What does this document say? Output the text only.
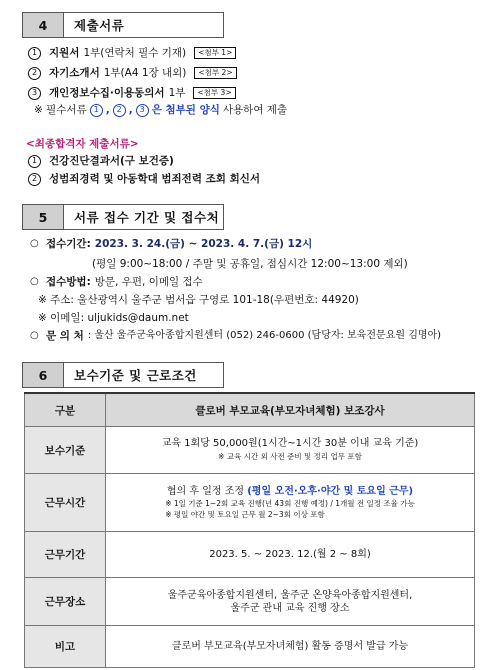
4	제출서류
1	지원서 1부(연락처 필수 기재)	<첨부 1>
2	자기소개서 1부(A4 1장 내외)	<첨부 2>
3	개인정보수집·이용동의서 1부	<첨부 3>
※ 필수서류 1 , 2 , 3 은 첨부된 양식 사용하여 제출
<최종합격자 제출서류>
1	건강진단결과서(구 보건증)
2	성범죄경력 및 아동학대 범죄전력 조회 회신서
5	서류 접수 기간 및 접수처
○ 접수기간: 2023. 3. 24.(금) ~ 2023. 4. 7.(금) 12시
(평일 9:00~18:00 / 주말 및 공휴일, 점심시간 12:00~13:00 제외)
○ 접수방법: 방문, 우편, 이메일 접수
※ 주소: 울산광역시 울주군 범서읍 구영로 101-18(우편번호: 44920)
※ 이메일: uljukids@daum.net
○ 문 의 처 : 울산 울주군육아종합지원센터 (052) 246-0600 (담당자: 보육전문요원 김명아)
6	보수기준 및 근로조건
구분	클로버 부모교육(부모자녀체험) 보조강사
보수기준	교육 1회당 50,000원(1시간~1시간 30분 이내 교육 기준)
※ 교육 시간 외 사전 준비 및 정리 업무 포함

근무시간	협의 후 일정 조정 (평일 오전·오후·야간 및 토요일 근무)
※ 1일 기준 1~2회 교육 진행(년 43회 진행 예정) / 1개월 전 일정 조율 가능
※ 평일 야간 및 토요일 근무 월 2~3회 이상 포함

근무기간	2023. 5. ~ 2023. 12.(월 2 ~ 8회)
근무장소	울주군육아종합지원센터, 울주군 온양육아종합지원센터,
울주군 관내 교육 진행 장소

비고	클로버 부모교육(부모자녀체험) 활동 증명서 발급 가능
